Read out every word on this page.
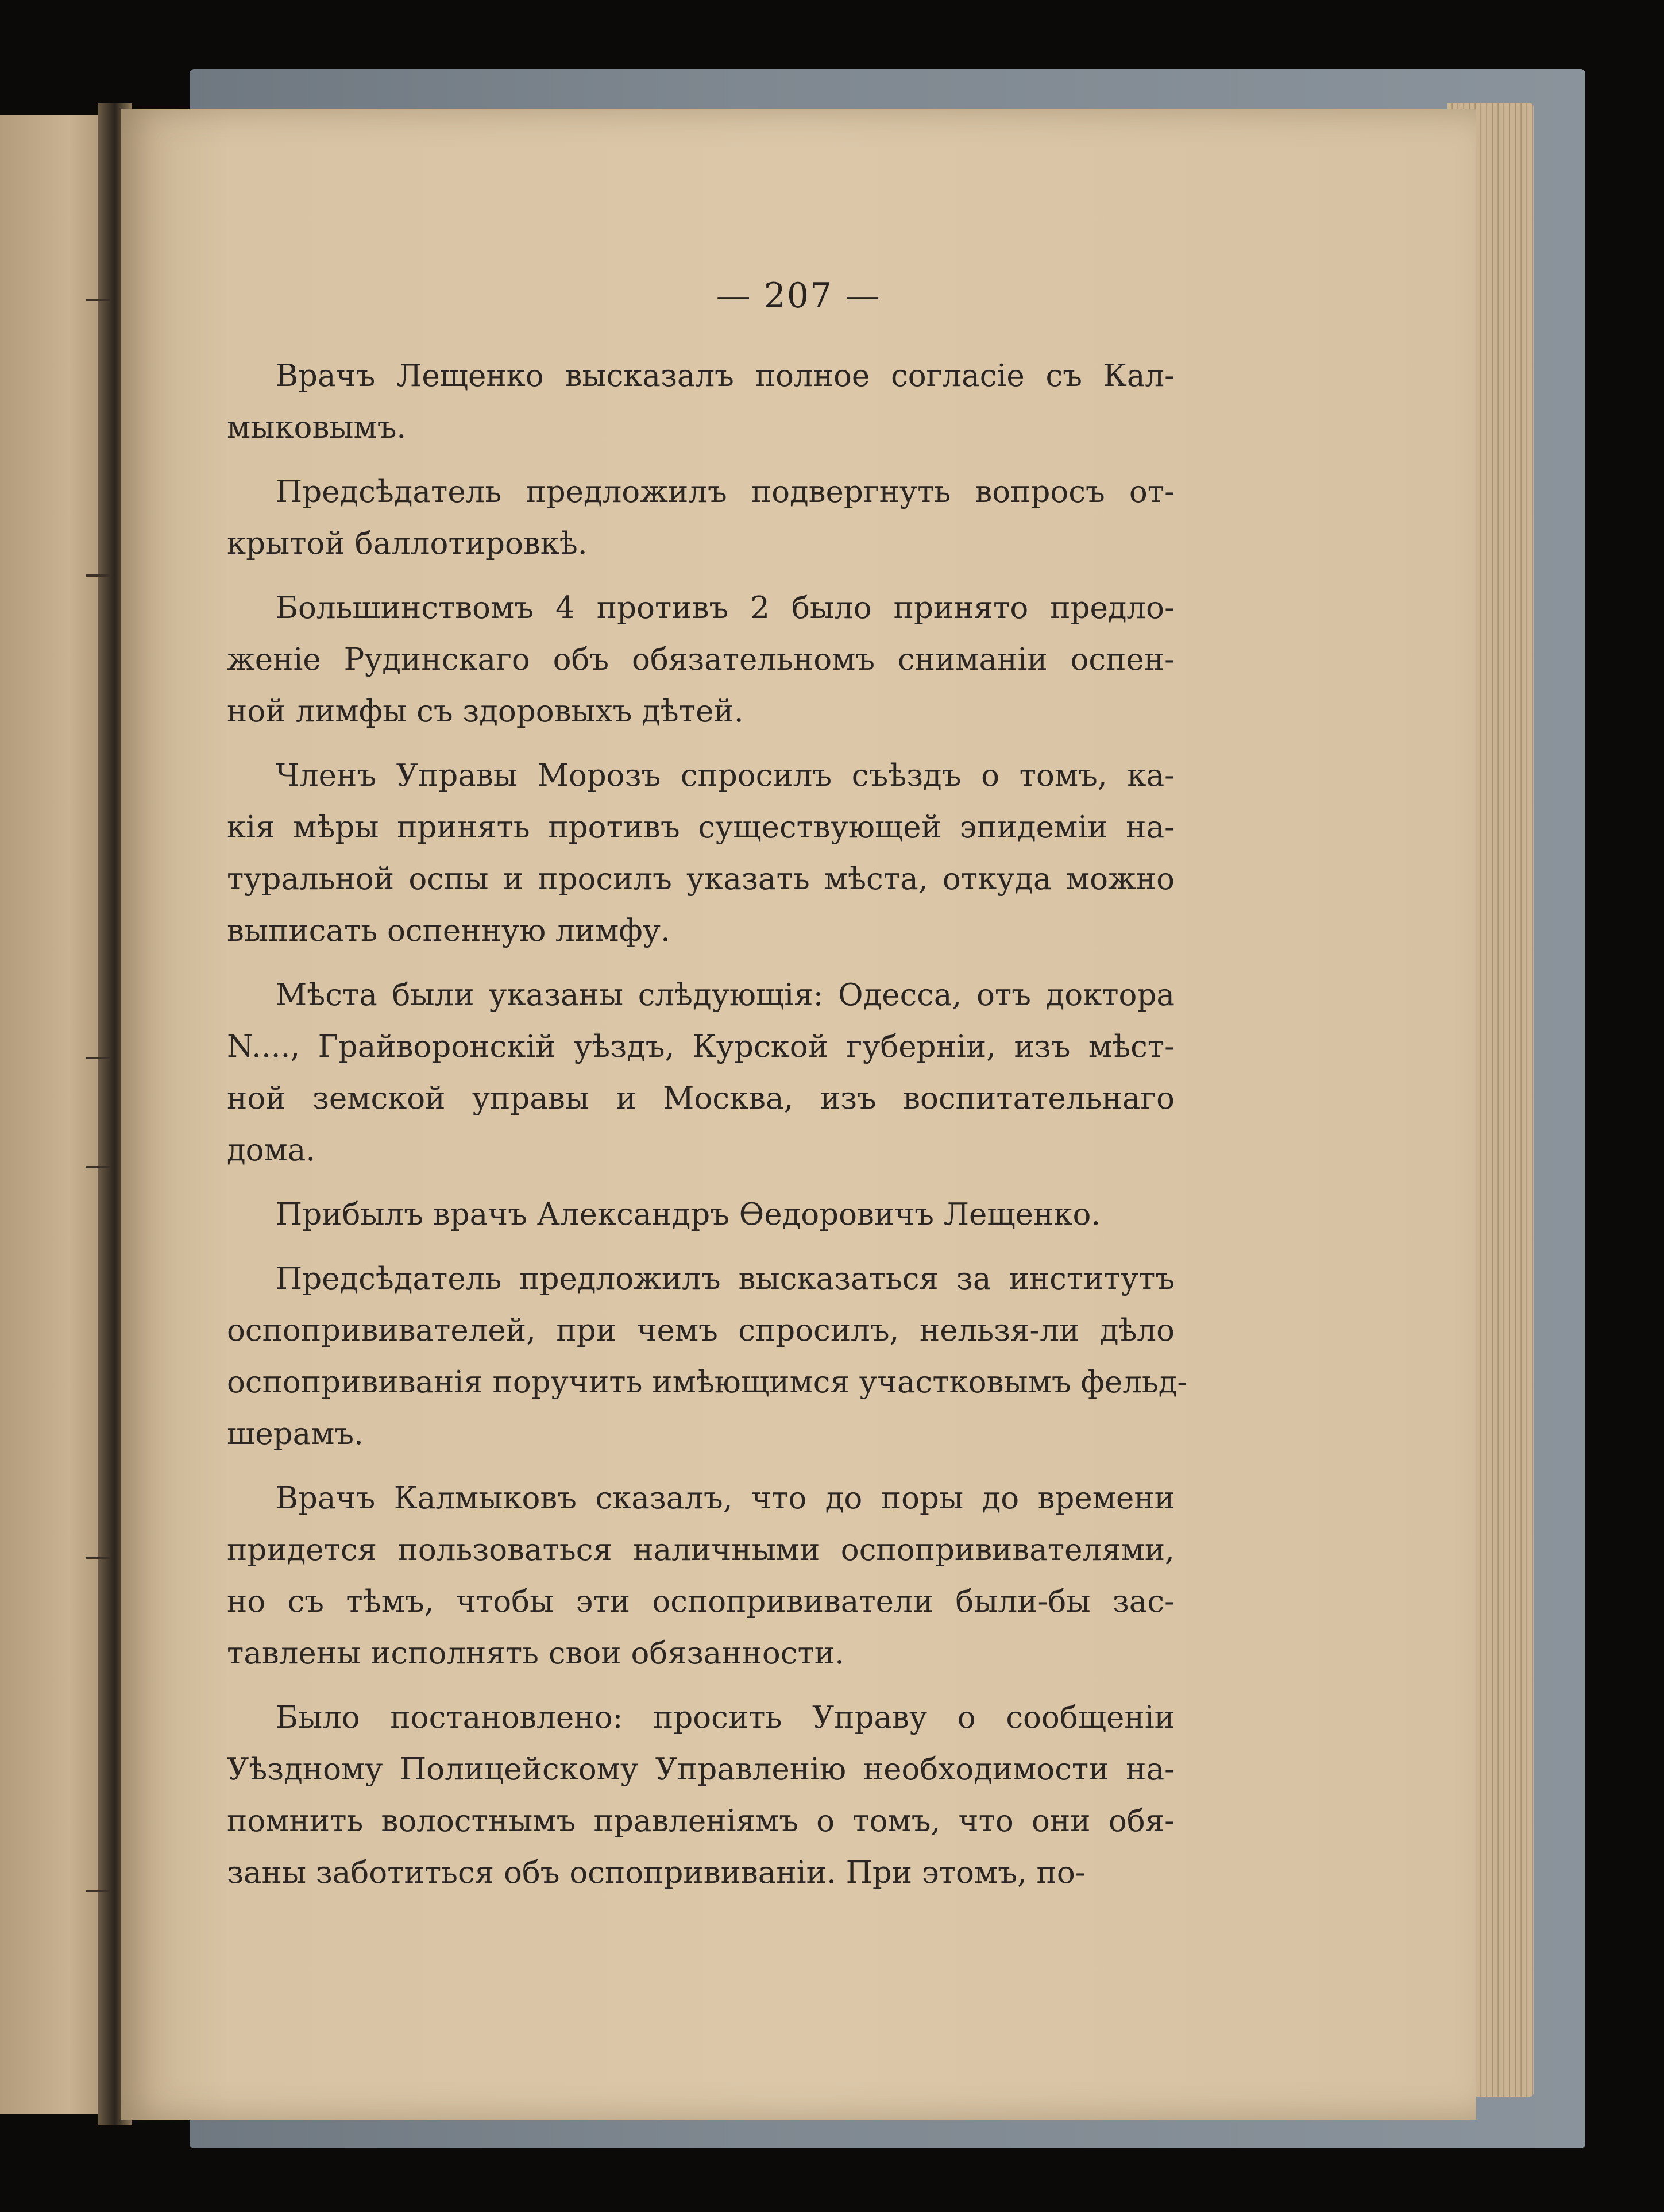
— 207 —
Врачъ Лещенко высказалъ полное согласіе съ Кал-
мыковымъ.
Предсѣдатель предложилъ подвергнуть вопросъ от-
крытой баллотировкѣ.
Большинствомъ 4 противъ 2 было принято предло-
женіе Рудинскаго объ обязательномъ сниманіи оспен-
ной лимфы съ здоровыхъ дѣтей.
Членъ Управы Морозъ спросилъ съѣздъ о томъ, ка-
кія мѣры принять противъ существующей эпидеміи на-
туральной оспы и просилъ указать мѣста, откуда можно
выписать оспенную лимфу.
Мѣста были указаны слѣдующія: Одесса, отъ доктора
N...., Грайворонскій уѣздъ, Курской губерніи, изъ мѣст-
ной земской управы и Москва, изъ воспитательнаго
дома.
Прибылъ врачъ Александръ Ѳедоровичъ Лещенко.
Предсѣдатель предложилъ высказаться за институтъ
оспопрививателей, при чемъ спросилъ, нельзя-ли дѣло
оспопрививанія поручить имѣющимся участковымъ фельд-
шерамъ.
Врачъ Калмыковъ сказалъ, что до поры до времени
придется пользоваться наличными оспопрививателями,
но съ тѣмъ, чтобы эти оспопрививатели были-бы зас-
тавлены исполнять свои обязанности.
Было постановлено: просить Управу о сообщеніи
Уѣздному Полицейскому Управленію необходимости на-
помнить волостнымъ правленіямъ о томъ, что они обя-
заны заботиться объ оспопрививаніи. При этомъ, по-
